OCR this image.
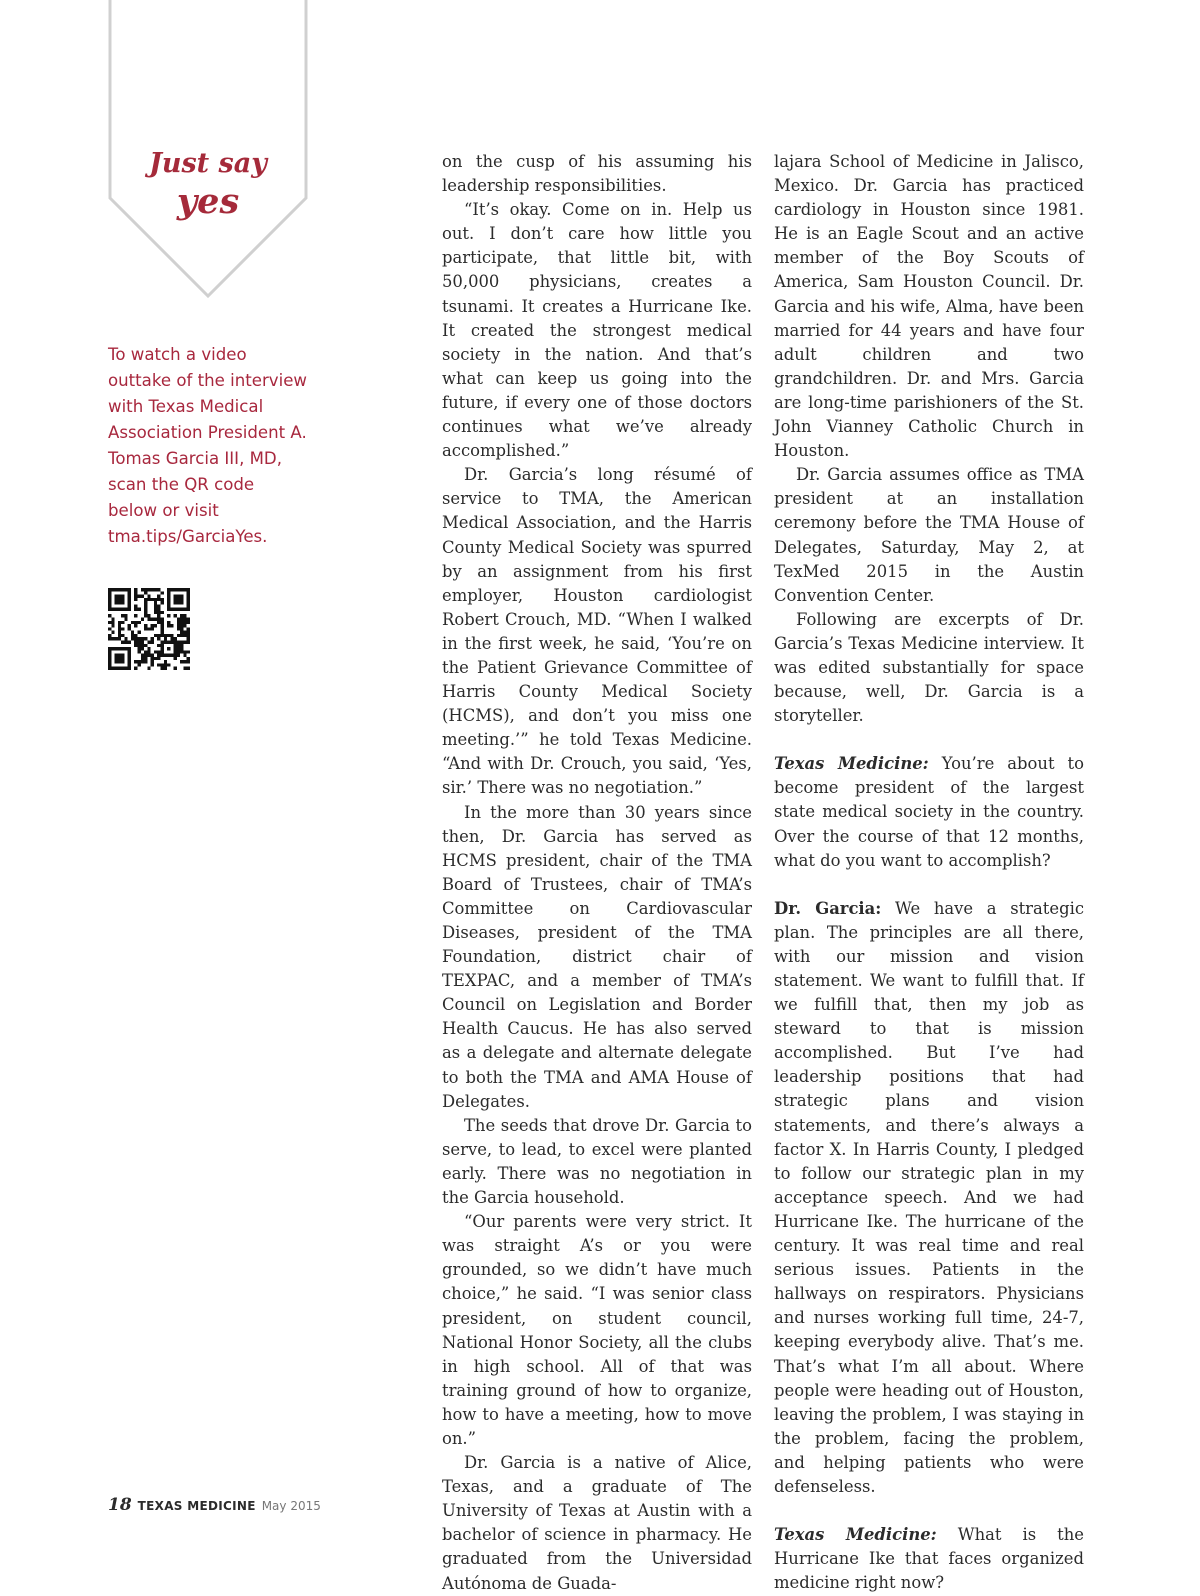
Just say
yes
To watch a video outtake of the interview with Texas Medical Association President A. Tomas Garcia III, MD, scan the QR code below or visit tma.tips/GarciaYes.

on the cusp of his assuming his leadership responsibilities.

“It’s okay. Come on in. Help us out. I don’t care how little you participate, that little bit, with 50,000 physicians, creates a tsunami. It creates a Hurricane Ike. It created the strongest medical society in the nation. And that’s what can keep us going into the future, if every one of those doctors continues what we’ve already accomplished.”

Dr. Garcia’s long résumé of service to TMA, the American Medical Association, and the Harris County Medical Society was spurred by an assignment from his first employer, Houston cardiologist Robert Crouch, MD. “When I walked in the first week, he said, ‘You’re on the Patient Grievance Committee of Harris County Medical Society (HCMS), and don’t you miss one meeting.’” he told Texas Medicine. “And with Dr. Crouch, you said, ‘Yes, sir.’ There was no negotiation.”

In the more than 30 years since then, Dr. Garcia has served as HCMS president, chair of the TMA Board of Trustees, chair of TMA’s Committee on Cardiovascular Diseases, president of the TMA Foundation, district chair of TEXPAC, and a member of TMA’s Council on Legislation and Border Health Caucus. He has also served as a delegate and alternate delegate to both the TMA and AMA House of Delegates.

The seeds that drove Dr. Garcia to serve, to lead, to excel were planted early. There was no negotiation in the Garcia household.

“Our parents were very strict. It was straight A’s or you were grounded, so we didn’t have much choice,” he said. “I was senior class president, on student council, National Honor Society, all the clubs in high school. All of that was training ground of how to organize, how to have a meeting, how to move on.”

Dr. Garcia is a native of Alice, Texas, and a graduate of The University of Texas at Austin with a bachelor of science in pharmacy. He graduated from the Universidad Autónoma de Guada-

lajara School of Medicine in Jalisco, Mexico. Dr. Garcia has practiced cardiology in Houston since 1981. He is an Eagle Scout and an active member of the Boy Scouts of America, Sam Houston Council. Dr. Garcia and his wife, Alma, have been married for 44 years and have four adult children and two grandchildren. Dr. and Mrs. Garcia are long-time parishioners of the St. John Vianney Catholic Church in Houston.

Dr. Garcia assumes office as TMA president at an installation ceremony before the TMA House of Delegates, Saturday, May 2, at TexMed 2015 in the Austin Convention Center.

Following are excerpts of Dr. Garcia’s Texas Medicine interview. It was edited substantially for space because, well, Dr. Garcia is a storyteller.

Texas Medicine: You’re about to become president of the largest state medical society in the country. Over the course of that 12 months, what do you want to accomplish?

Dr. Garcia: We have a strategic plan. The principles are all there, with our mission and vision statement. We want to fulfill that. If we fulfill that, then my job as steward to that is mission accomplished. But I’ve had leadership positions that had strategic plans and vision statements, and there’s always a factor X. In Harris County, I pledged to follow our strategic plan in my acceptance speech. And we had Hurricane Ike. The hurricane of the century. It was real time and real serious issues. Patients in the hallways on respirators. Physicians and nurses working full time, 24-7, keeping everybody alive. That’s me. That’s what I’m all about. Where people were heading out of Houston, leaving the problem, I was staying in the problem, facing the problem, and helping patients who were defenseless.

Texas Medicine: What is the Hurricane Ike that faces organized medicine right now?

18 TEXAS MEDICINE May 2015
